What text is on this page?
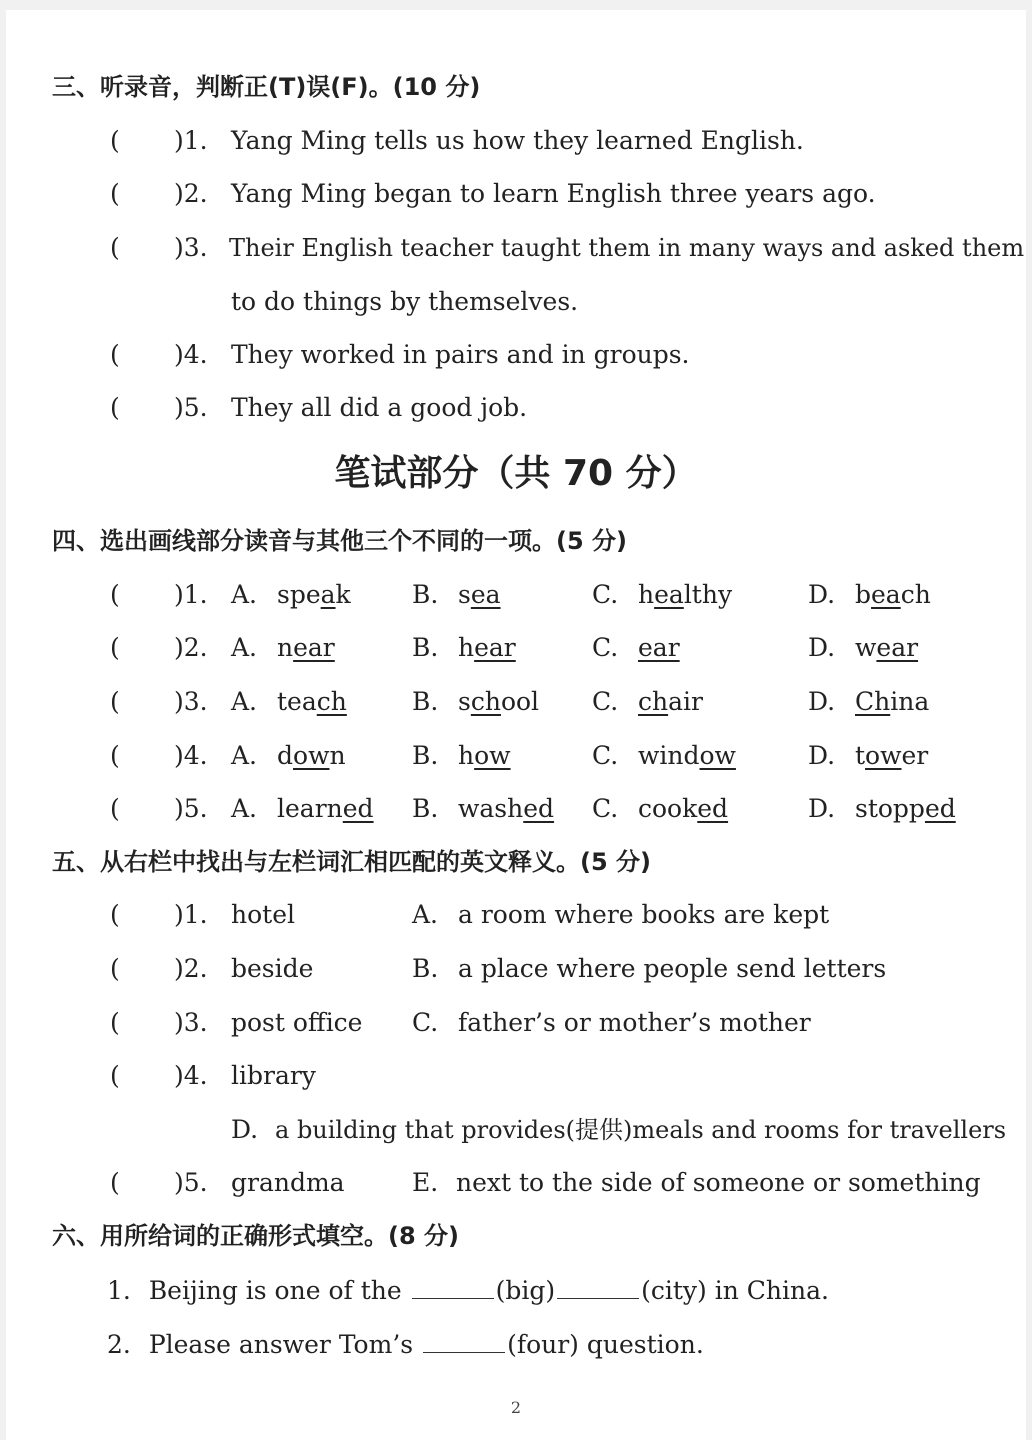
三、听录音，判断正(T)误(F)。(10 分)
( )1. Yang Ming tells us how they learned English.
( )2. Yang Ming began to learn English three years ago.
( )3. Their English teacher taught them in many ways and asked them
to do things by themselves.
( )4. They worked in pairs and in groups.
( )5. They all did a good job.
笔试部分（共 70 分）
四、选出画线部分读音与其他三个不同的一项。(5 分)
( )1. A. speak B. sea	C. healthy	D. beach
( )2. A. near	B. hear	C. ear	D. wear
( )3. A. teach	B. school C. chair	D. China
( )4. A. down	B. how	C. window	D. tower
( )5. A. learned B. washed C. cooked	D. stopped
五、从右栏中找出与左栏词汇相匹配的英文释义。(5 分)
( )1. hotel	A. a room where books are kept
( )2. beside	B. a place where people send letters
( )3. post office C. father’s or mother’s mother
( )4. library
D. a building that provides(提供)meals and rooms for travellers
( )5. grandma	E. next to the side of someone or something
六、用所给词的正确形式填空。(8 分)
1. Beijing is one of the	(big)	(city) in China.
2. Please answer Tom’s	(four) question.
2
